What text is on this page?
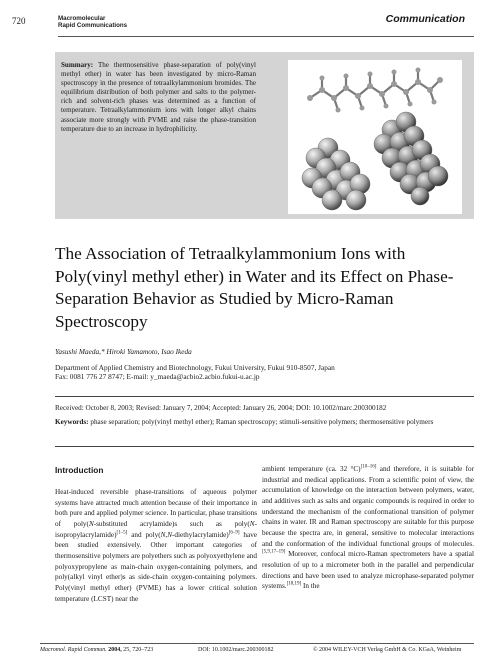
720	Macromolecular
Rapid Communications
Communication
Summary: The thermosensitive phase-separation of poly(vinyl methyl ether) in water has been investigated by micro-Raman spectroscopy in the presence of tetraalkylammonium bromides. The equilibrium distribution of both polymer and salts to the polymer-rich and solvent-rich phases was determined as a function of temperature. Tetraalkylammonium ions with longer alkyl chains associate more strongly with PVME and raise the phase-transition temperature due to an increase in hydrophilicity.
The Association of Tetraalkylammonium Ions with Poly(vinyl methyl ether) in Water and its Effect on Phase-Separation Behavior as Studied by Micro-Raman Spectroscopy
Yasushi Maeda,* Hiroki Yamamoto, Isao Ikeda
Department of Applied Chemistry and Biotechnology, Fukui University, Fukui 910-8507, Japan
Fax: 0081 776 27 8747; E-mail: y_maeda@acbio2.acbio.fukui-u.ac.jp
Received: October 8, 2003; Revised: January 7, 2004; Accepted: January 26, 2004; DOI: 10.1002/marc.200300182
Keywords: phase separation; poly(vinyl methyl ether); Raman spectroscopy; stimuli-sensitive polymers; thermosensitive polymers
Introduction

Heat-induced reversible phase-transitions of aqueous polymer systems have attracted much attention because of their importance in both pure and applied polymer science. In particular, phase transitions of poly(N-substituted acrylamide)s such as poly(N-isopropylacrylamide)[1–5] and poly(N,N-diethylacrylamide)[6–9] have been studied extensively. Other important categories of thermosensitive polymers are polyethers such as polyoxyethylene and polyoxypropylene as main-chain oxygen-containing polymers, and poly(alkyl vinyl ether)s as side-chain oxygen-containing polymers. Poly(vinyl methyl ether) (PVME) has a lower critical solution temperature (LCST) near the

ambient temperature (ca. 32 °C)[10–16] and therefore, it is suitable for industrial and medical applications. From a scientific point of view, the accumulation of knowledge on the interaction between polymers, water, and additives such as salts and organic compounds is required in order to understand the mechanism of the conformational transition of polymer chains in water. IR and Raman spectroscopy are suitable for this purpose because the spectra are, in general, sensitive to molecular interactions and the conformation of the individual functional groups of molecules.[5,9,17–19] Moreover, confocal micro-Raman spectrometers have a spatial resolution of up to a micrometer both in the parallel and perpendicular directions and have been used to analyze microphase-separated polymer systems.[18,19] In the

Macromol. Rapid Commun. 2004, 25, 720–723	DOI: 10.1002/marc.200300182	© 2004 WILEY-VCH Verlag GmbH & Co. KGaA, Weinheim
